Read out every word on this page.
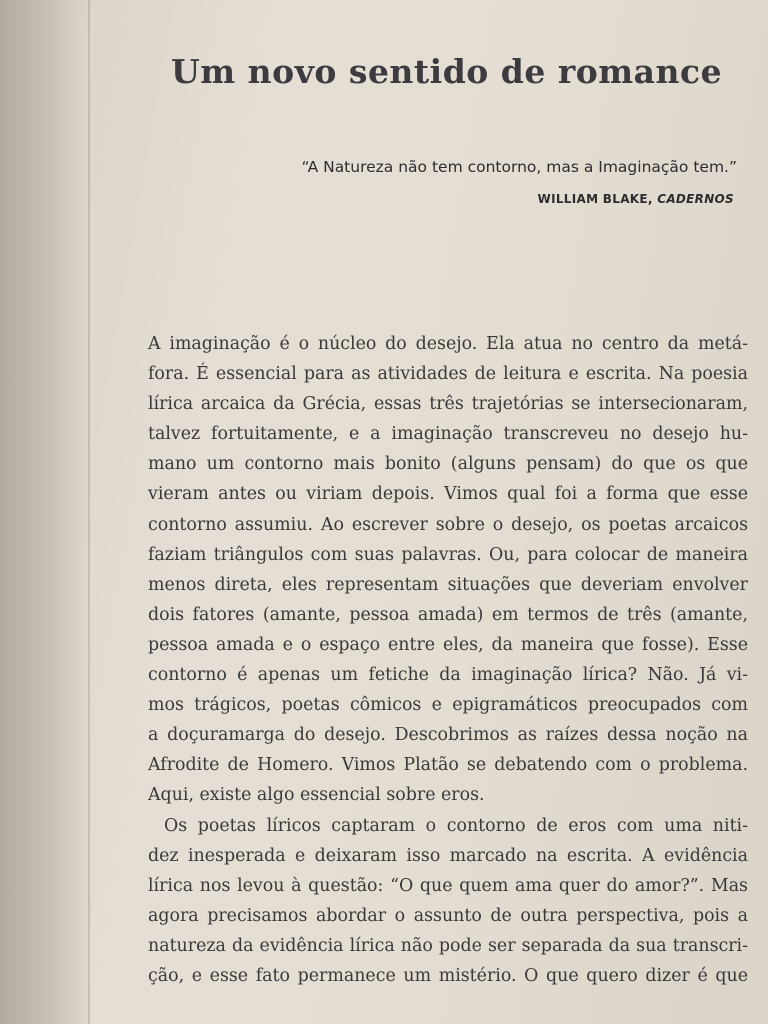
Um novo sentido de romance
“A Natureza não tem contorno, mas a Imaginação tem.”
WILLIAM BLAKE, CADERNOS
A imaginação é o núcleo do desejo. Ela atua no centro da metá-
fora. É essencial para as atividades de leitura e escrita. Na poesia
lírica arcaica da Grécia, essas três trajetórias se intersecionaram,
talvez fortuitamente, e a imaginação transcreveu no desejo hu-
mano um contorno mais bonito (alguns pensam) do que os que
vieram antes ou viriam depois. Vimos qual foi a forma que esse
contorno assumiu. Ao escrever sobre o desejo, os poetas arcaicos
faziam triângulos com suas palavras. Ou, para colocar de maneira
menos direta, eles representam situações que deveriam envolver
dois fatores (amante, pessoa amada) em termos de três (amante,
pessoa amada e o espaço entre eles, da maneira que fosse). Esse
contorno é apenas um fetiche da imaginação lírica? Não. Já vi-
mos trágicos, poetas cômicos e epigramáticos preocupados com
a doçuramarga do desejo. Descobrimos as raízes dessa noção na
Afrodite de Homero. Vimos Platão se debatendo com o problema.
Aqui, existe algo essencial sobre eros.
Os poetas líricos captaram o contorno de eros com uma niti-
dez inesperada e deixaram isso marcado na escrita. A evidência
lírica nos levou à questão: “O que quem ama quer do amor?”. Mas
agora precisamos abordar o assunto de outra perspectiva, pois a
natureza da evidência lírica não pode ser separada da sua transcri-
ção, e esse fato permanece um mistério. O que quero dizer é que
